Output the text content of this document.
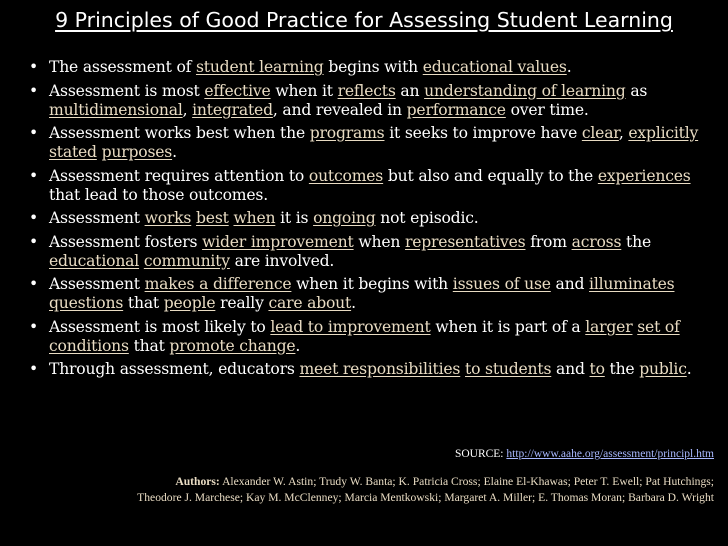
9 Principles of Good Practice for Assessing Student Learning
• The assessment of student learning begins with educational values.
• Assessment is most effective when it reflects an understanding of learning as multidimensional, integrated, and revealed in performance over time.
• Assessment works best when the programs it seeks to improve have clear, explicitly stated purposes.
• Assessment requires attention to outcomes but also and equally to the experiences that lead to those outcomes.
• Assessment works best when it is ongoing not episodic.
• Assessment fosters wider improvement when representatives from across the educational community are involved.
• Assessment makes a difference when it begins with issues of use and illuminates questions that people really care about.
• Assessment is most likely to lead to improvement when it is part of a larger set of conditions that promote change.
• Through assessment, educators meet responsibilities to students and to the public.
SOURCE: http://www.aahe.org/assessment/principl.htm
Authors: Alexander W. Astin; Trudy W. Banta; K. Patricia Cross; Elaine El-Khawas; Peter T. Ewell; Pat Hutchings;
Theodore J. Marchese; Kay M. McClenney; Marcia Mentkowski; Margaret A. Miller; E. Thomas Moran; Barbara D. Wright
